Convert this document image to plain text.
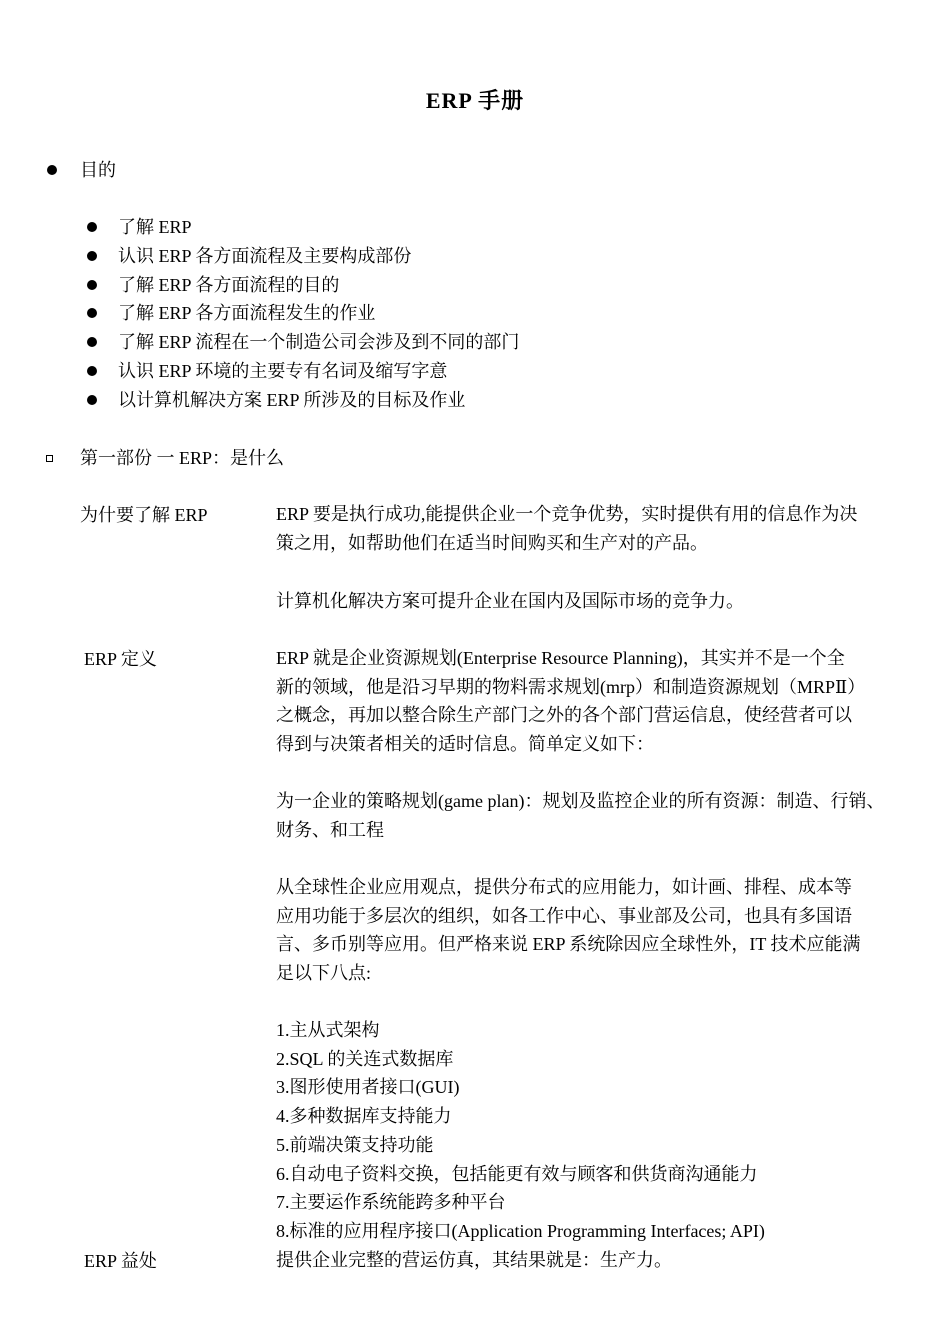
ERP 手册
目的
了解 ERP
认识 ERP 各方面流程及主要构成部份
了解 ERP 各方面流程的目的
了解 ERP 各方面流程发生的作业
了解 ERP 流程在一个制造公司会涉及到不同的部门
认识 ERP 环境的主要专有名词及缩写字意
以计算机解决方案 ERP 所涉及的目标及作业
第一部份 一 ERP：是什么
为什要了解 ERP	ERP 要是执行成功,能提供企业一个竞争优势，实时提供有用的信息作为决
策之用，如帮助他们在适当时间购买和生产对的产品。
计算机化解决方案可提升企业在国内及国际市场的竞争力。
ERP 定义	ERP 就是企业资源规划(Enterprise Resource Planning)，其实并不是一个全
新的领域，他是沿习早期的物料需求规划(mrp）和制造资源规划（MRPⅡ）
之概念，再加以整合除生产部门之外的各个部门营运信息，使经营者可以
得到与决策者相关的适时信息。简单定义如下：
为一企业的策略规划(game plan)：规划及监控企业的所有资源：制造、行销、
财务、和工程
从全球性企业应用观点，提供分布式的应用能力，如计画、排程、成本等
应用功能于多层次的组织，如各工作中心、事业部及公司，也具有多国语
言、多币别等应用。但严格来说 ERP 系统除因应全球性外，IT 技术应能满
足以下八点:
1.主从式架构
2.SQL 的关连式数据库
3.图形使用者接口(GUI)
4.多种数据库支持能力
5.前端决策支持功能
6.自动电子资料交换，包括能更有效与顾客和供货商沟通能力
7.主要运作系统能跨多种平台
8.标准的应用程序接口(Application Programming Interfaces; API)
ERP 益处	提供企业完整的营运仿真，其结果就是：生产力。
